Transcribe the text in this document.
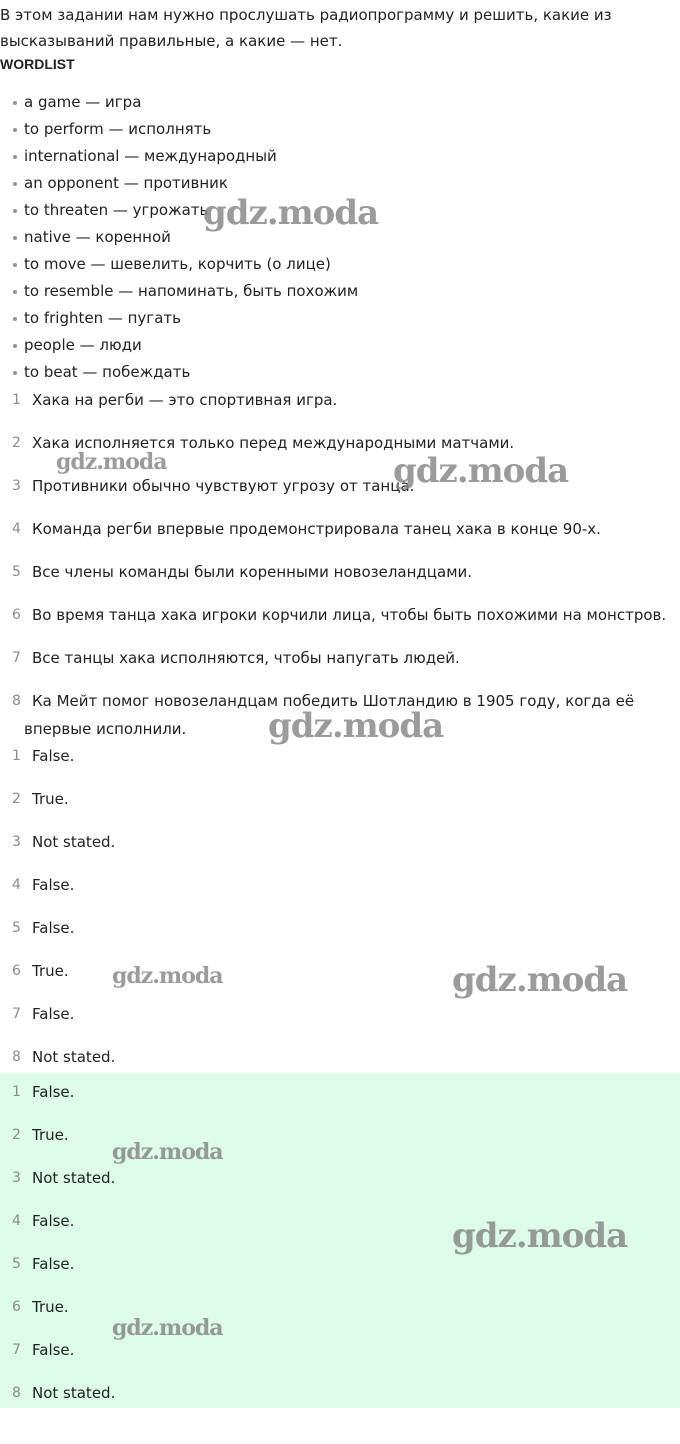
В этом задании нам нужно прослушать радиопрограмму и решить, какие из высказываний правильные, а какие — нет.

WORDLIST

a game — игра
to perform — исполнять
international — международный
an opponent — противник
to threaten — угрожать
native — коренной
to move — шевелить, корчить (о лице)
to resemble — напоминать, быть похожим
to frighten — пугать
people — люди
to beat — побеждать
1 Хака на регби — это спортивная игра.
2 Хака исполняется только перед международными матчами.
3 Противники обычно чувствуют угрозу от танца.
4 Команда регби впервые продемонстрировала танец хака в конце 90-х.
5 Все члены команды были коренными новозеландцами.
6 Во время танца хака игроки корчили лица, чтобы быть похожими на монстров.
7 Все танцы хака исполняются, чтобы напугать людей.
8 Ка Мейт помог новозеландцам победить Шотландию в 1905 году, когда её впервые исполнили.
1 False.
2 True.
3 Not stated.
4 False.
5 False.
6 True.
7 False.
8 Not stated.
1 False.
2 True.
3 Not stated.
4 False.
5 False.
6 True.
7 False.
8 Not stated.
gdz.moda
gdz.moda	gdz.moda
gdz.moda
gdz.moda	gdz.moda
gdz.moda
gdz.moda
gdz.moda
